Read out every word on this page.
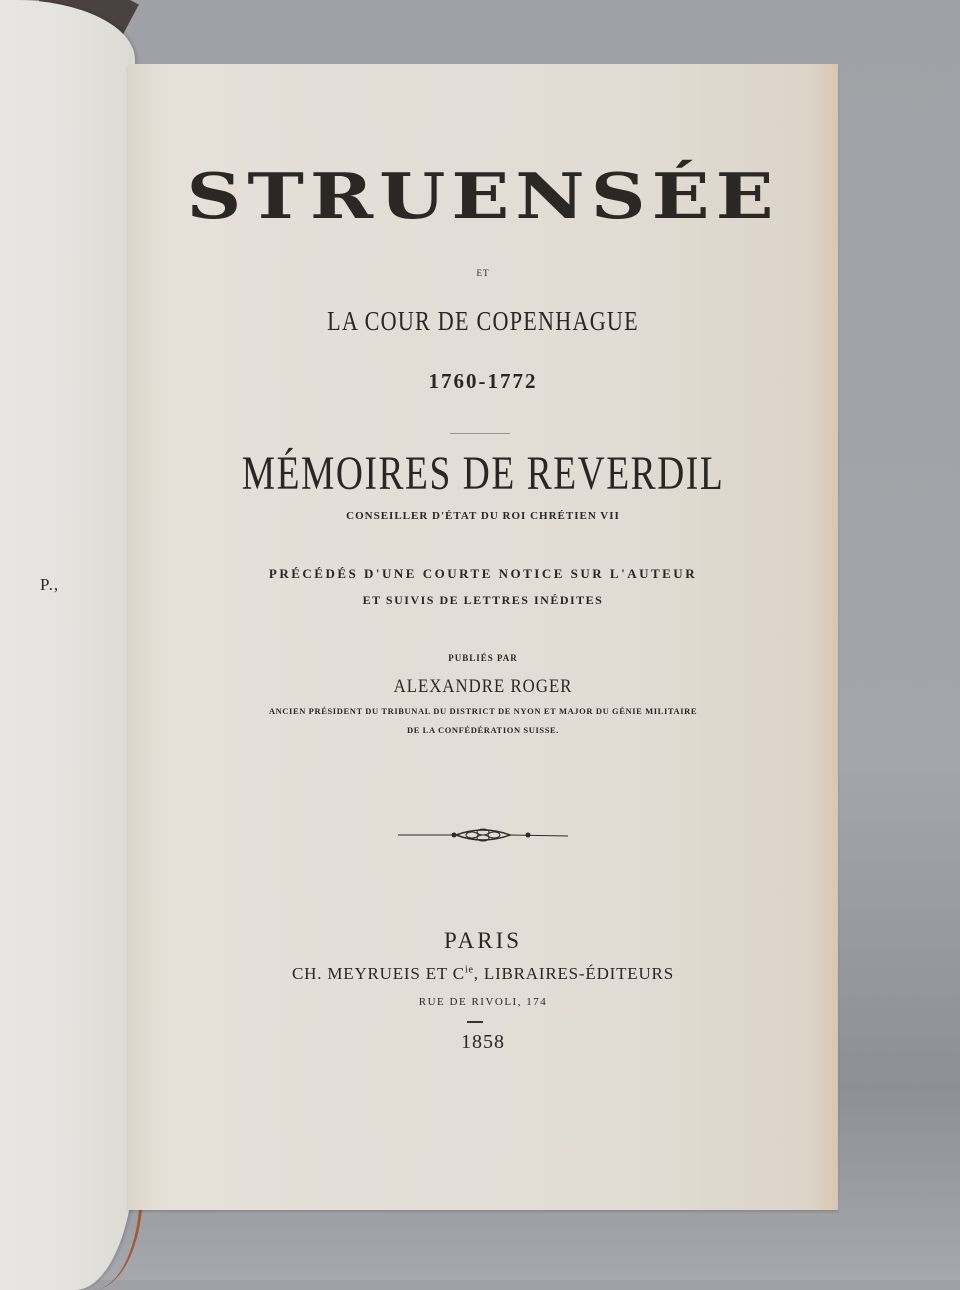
P.,
STRUENSÉE
ET
LA COUR DE COPENHAGUE
1760-1772
MÉMOIRES DE REVERDIL
CONSEILLER D'ÉTAT DU ROI CHRÉTIEN VII
PRÉCÉDÉS D'UNE COURTE NOTICE SUR L'AUTEUR
ET SUIVIS DE LETTRES INÉDITES
PUBLIÉS PAR
ALEXANDRE ROGER
ANCIEN PRÉSIDENT DU TRIBUNAL DU DISTRICT DE NYON ET MAJOR DU GÉNIE MILITAIRE
DE LA CONFÉDÉRATION SUISSE.
PARIS
CH. MEYRUEIS ET $C^{ie}$, LIBRAIRES-ÉDITEURS
RUE DE RIVOLI, 174
1858
